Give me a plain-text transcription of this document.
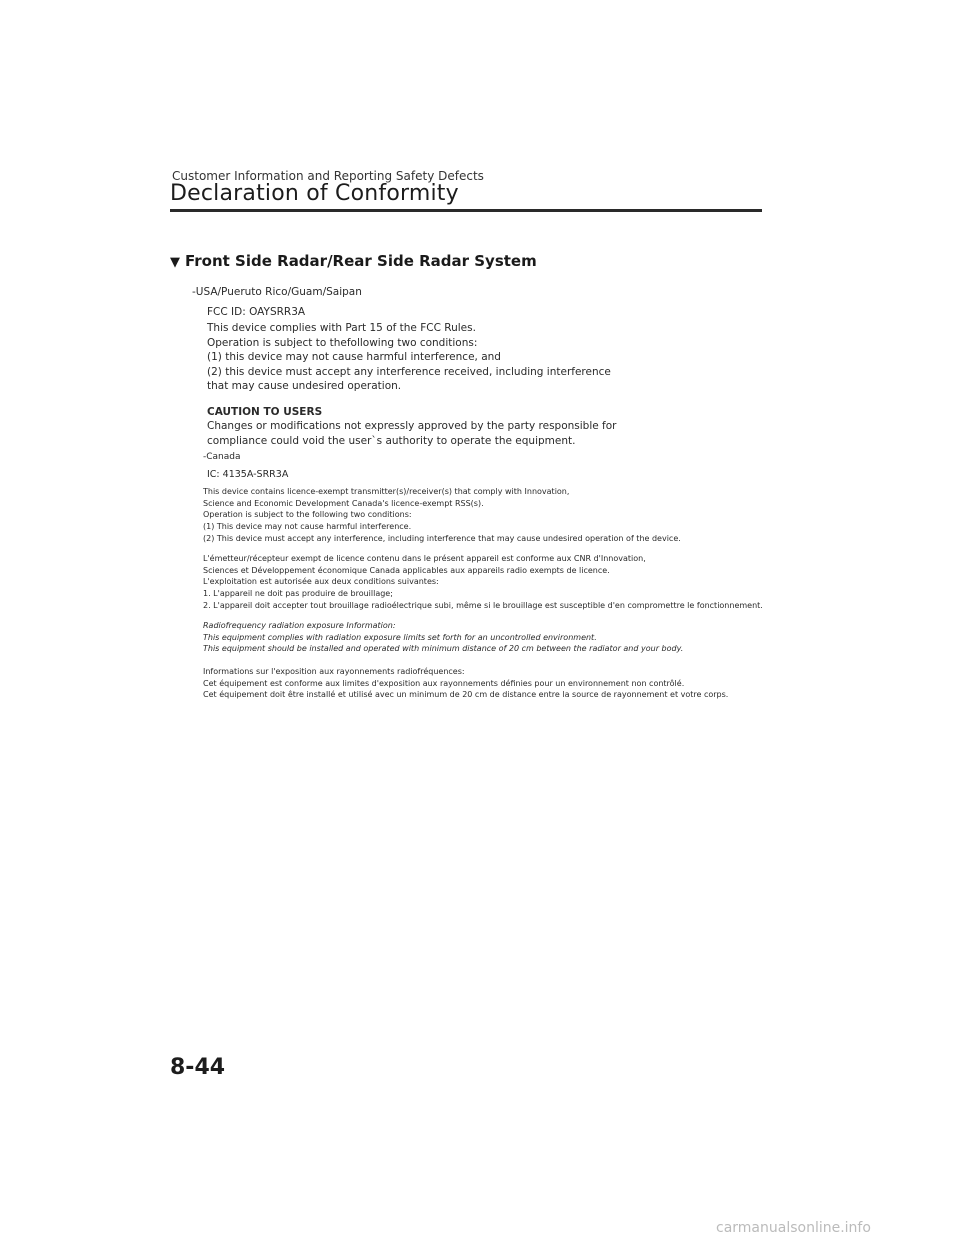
Customer Information and Reporting Safety Defects
Declaration of Conformity
▼ Front Side Radar/Rear Side Radar System
-USA/Pueruto Rico/Guam/Saipan
FCC ID: OAYSRR3A
This device complies with Part 15 of the FCC Rules.
Operation is subject to thefollowing two conditions:
(1) this device may not cause harmful interference, and
(2) this device must accept any interference received, including interference
that may cause undesired operation.
CAUTION TO USERS
Changes or modifications not expressly approved by the party responsible for
compliance could void the user`s authority to operate the equipment.
-Canada
IC: 4135A-SRR3A
This device contains licence-exempt transmitter(s)/receiver(s) that comply with Innovation,
Science and Economic Development Canada's licence-exempt RSS(s).
Operation is subject to the following two conditions:
(1) This device may not cause harmful interference.
(2) This device must accept any interference, including interference that may cause undesired operation of the device.
L'émetteur/récepteur exempt de licence contenu dans le présent appareil est conforme aux CNR d'Innovation,
Sciences et Développement économique Canada applicables aux appareils radio exempts de licence.
L'exploitation est autorisée aux deux conditions suivantes:
1. L'appareil ne doit pas produire de brouillage;
2. L'appareil doit accepter tout brouillage radioélectrique subi, même si le brouillage est susceptible d'en compromettre le fonctionnement.
Radiofrequency radiation exposure Information:
This equipment complies with radiation exposure limits set forth for an uncontrolled environment.
This equipment should be installed and operated with minimum distance of 20 cm between the radiator and your body.
Informations sur l'exposition aux rayonnements radiofréquences:
Cet équipement est conforme aux limites d'exposition aux rayonnements définies pour un environnement non contrôlé.
Cet équipement doit être installé et utilisé avec un minimum de 20 cm de distance entre la source de rayonnement et votre corps.
8-44
carmanualsonline.info
